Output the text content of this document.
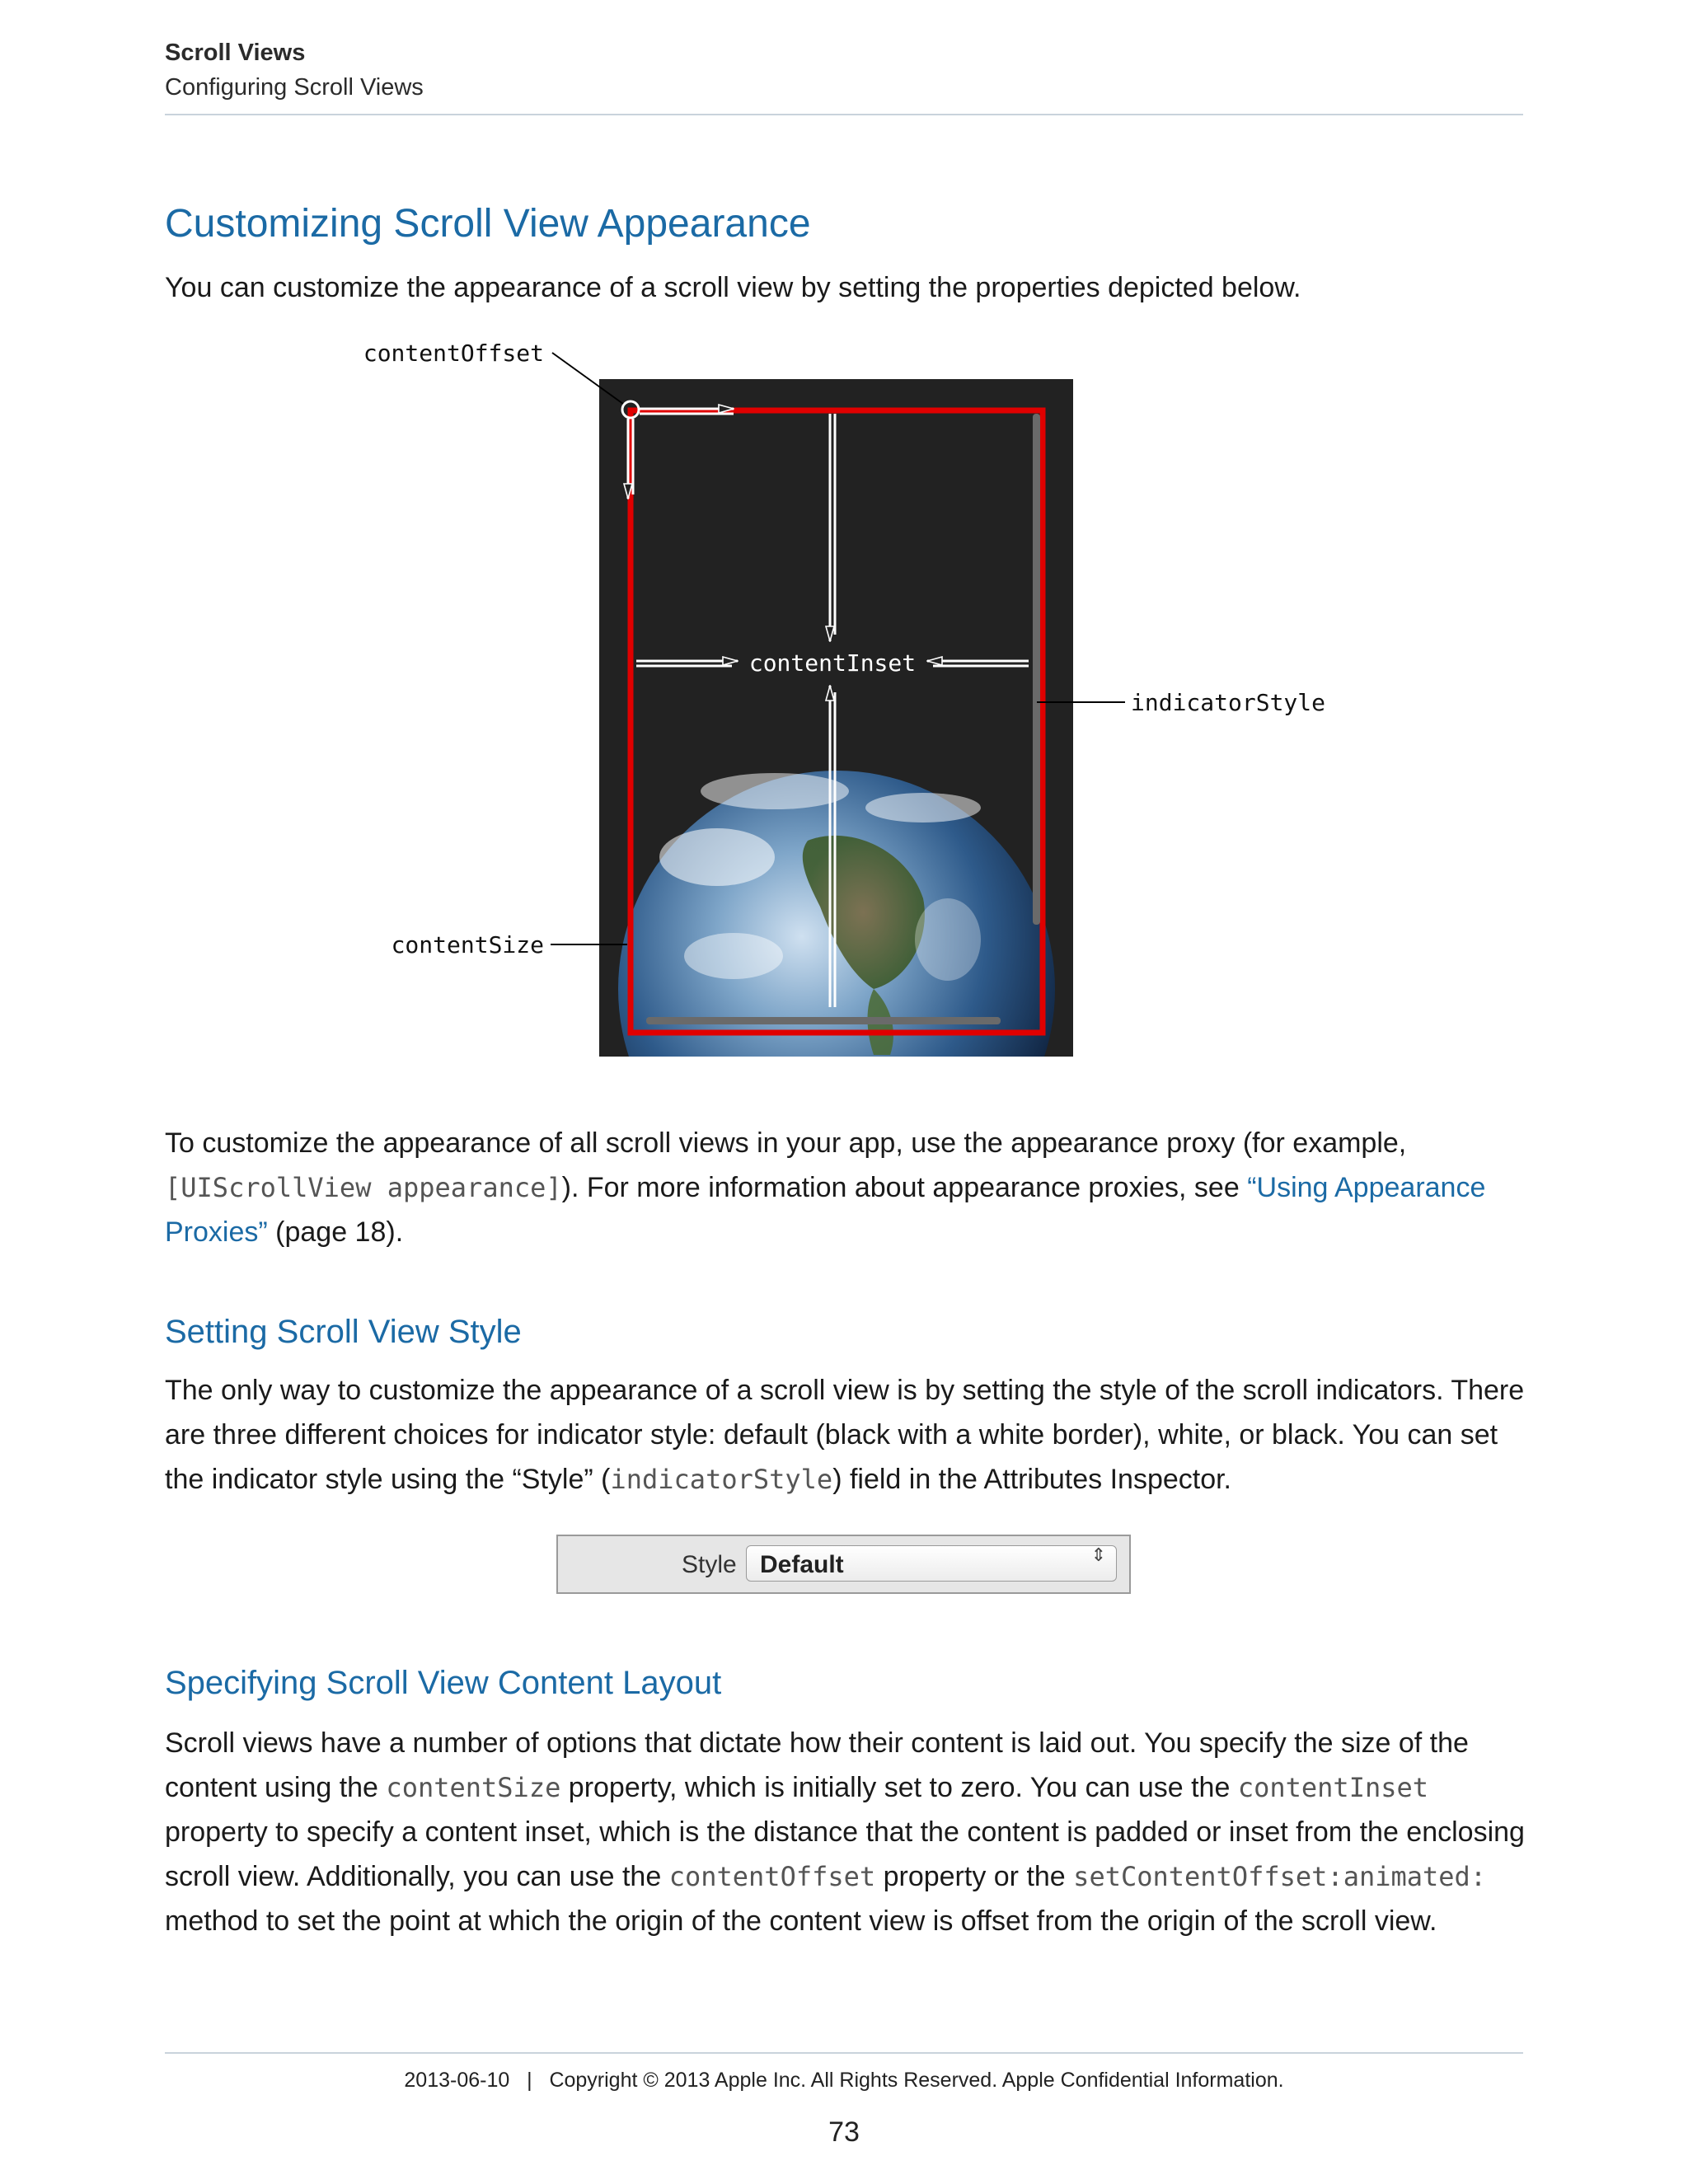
Scroll Views
Configuring Scroll Views
Customizing Scroll View Appearance
You can customize the appearance of a scroll view by setting the properties depicted below.
contentOffset
contentInset
indicatorStyle
contentSize
To customize the appearance of all scroll views in your app, use the appearance proxy (for example,
[UIScrollView appearance]). For more information about appearance proxies, see “Using Appearance Proxies” (page 18).
Setting Scroll View Style
The only way to customize the appearance of a scroll view is by setting the style of the scroll indicators. There are three different choices for indicator style: default (black with a white border), white, or black. You can set the indicator style using the “Style” (indicatorStyle) field in the Attributes Inspector.
Style Default	⇕
Specifying Scroll View Content Layout
Scroll views have a number of options that dictate how their content is laid out. You specify the size of the content using the contentSize property, which is initially set to zero. You can use the contentInset property to specify a content inset, which is the distance that the content is padded or inset from the enclosing scroll view. Additionally, you can use the contentOffset property or the setContentOffset:animated: method to set the point at which the origin of the content view is offset from the origin of the scroll view.
2013-06-10   |   Copyright © 2013 Apple Inc. All Rights Reserved. Apple Confidential Information.
73
